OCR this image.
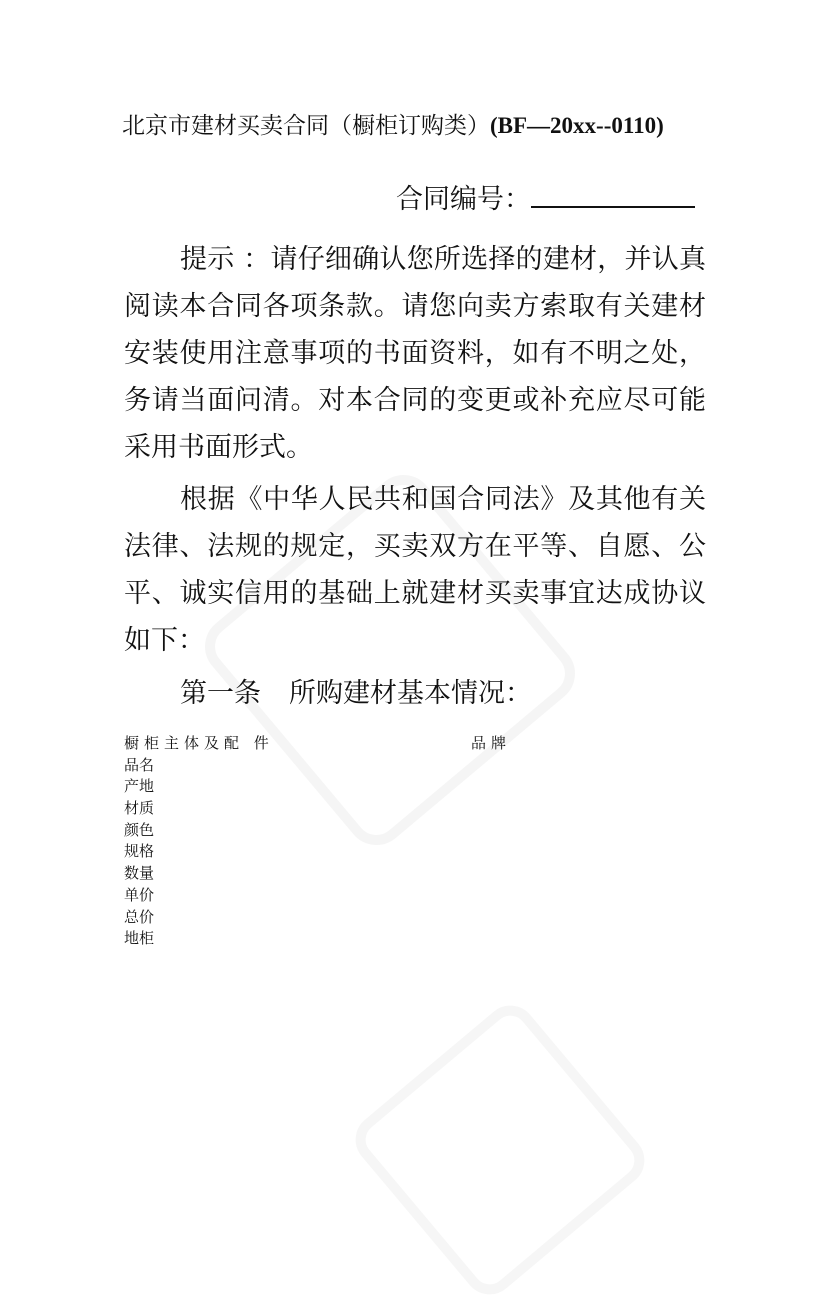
北京市建材买卖合同（橱柜订购类）(BF—20xx--0110)
合同编号：
提示 ：请仔细确认您所选择的建材，并认真阅读本合同各项条款。请您向卖方索取有关建材安装使用注意事项的书面资料，如有不明之处，务请当面问清。对本合同的变更或补充应尽可能采用书面形式。
根据《中华人民共和国合同法》及其他有关法律、法规的规定，买卖双方在平等、自愿、公平、诚实信用的基础上就建材买卖事宜达成协议如下：
第一条 所购建材基本情况：
橱柜主体及配 件	品牌
品名
产地
材质
颜色
规格
数量
单价
总价
地柜
